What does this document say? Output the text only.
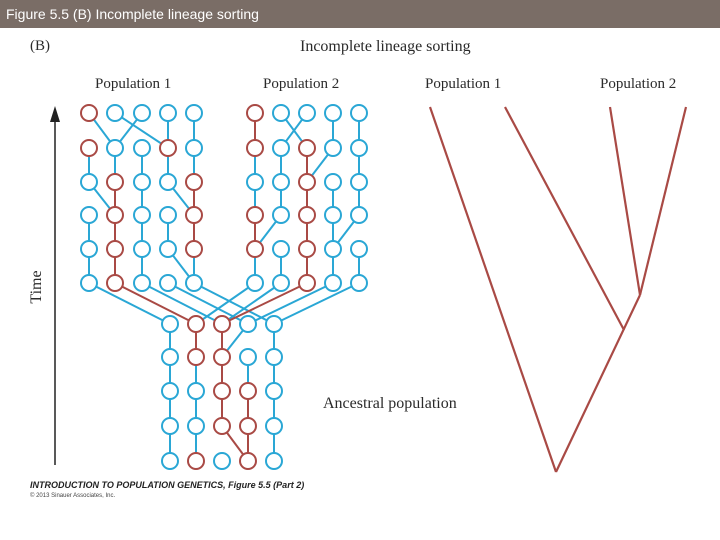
Figure 5.5 (B) Incomplete lineage sorting
(B)	Incomplete lineage sorting
Population 1	Population 2	Population 1	Population 2
Time
Ancestral population
INTRODUCTION TO POPULATION GENETICS, Figure 5.5 (Part 2)
© 2013 Sinauer Associates, Inc.
